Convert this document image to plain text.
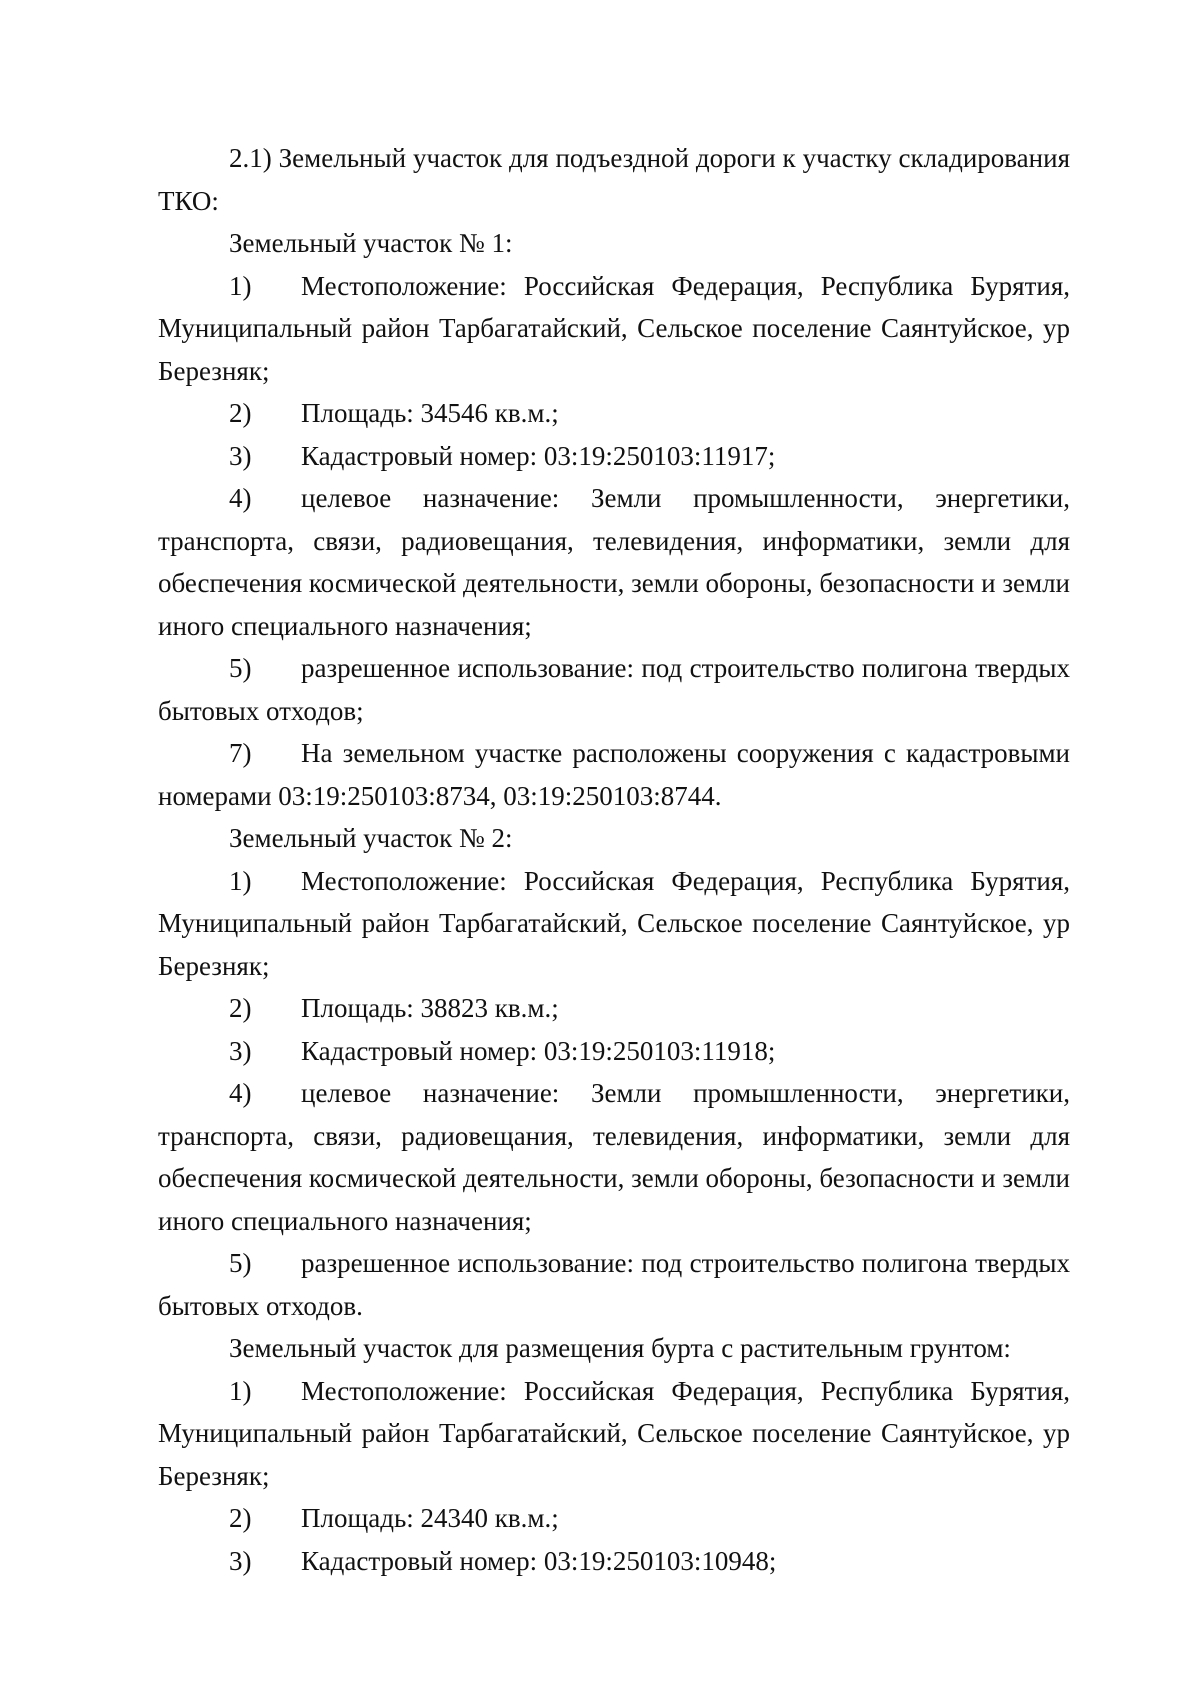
2.1) Земельный участок для подъездной дороги к участку складирования ТКО:

Земельный участок № 1:

1) Местоположение: Российская Федерация, Республика Бурятия, Муниципальный район Тарбагатайский, Сельское поселение Саянтуйское, ур Березняк;

2) Площадь: 34546 кв.м.;

3) Кадастровый номер: 03:19:250103:11917;

4) целевое назначение: Земли промышленности, энергетики, транспорта, связи, радиовещания, телевидения, информатики, земли для обеспечения космической деятельности, земли обороны, безопасности и земли иного специального назначения;

5) разрешенное использование: под строительство полигона твердых бытовых отходов;

7) На земельном участке расположены сооружения с кадастровыми номерами 03:19:250103:8734, 03:19:250103:8744.

Земельный участок № 2:

1) Местоположение: Российская Федерация, Республика Бурятия, Муниципальный район Тарбагатайский, Сельское поселение Саянтуйское, ур Березняк;

2) Площадь: 38823 кв.м.;

3) Кадастровый номер: 03:19:250103:11918;

4) целевое назначение: Земли промышленности, энергетики, транспорта, связи, радиовещания, телевидения, информатики, земли для обеспечения космической деятельности, земли обороны, безопасности и земли иного специального назначения;

5) разрешенное использование: под строительство полигона твердых бытовых отходов.

Земельный участок для размещения бурта с растительным грунтом:

1) Местоположение: Российская Федерация, Республика Бурятия, Муниципальный район Тарбагатайский, Сельское поселение Саянтуйское, ур Березняк;

2) Площадь: 24340 кв.м.;

3) Кадастровый номер: 03:19:250103:10948;
